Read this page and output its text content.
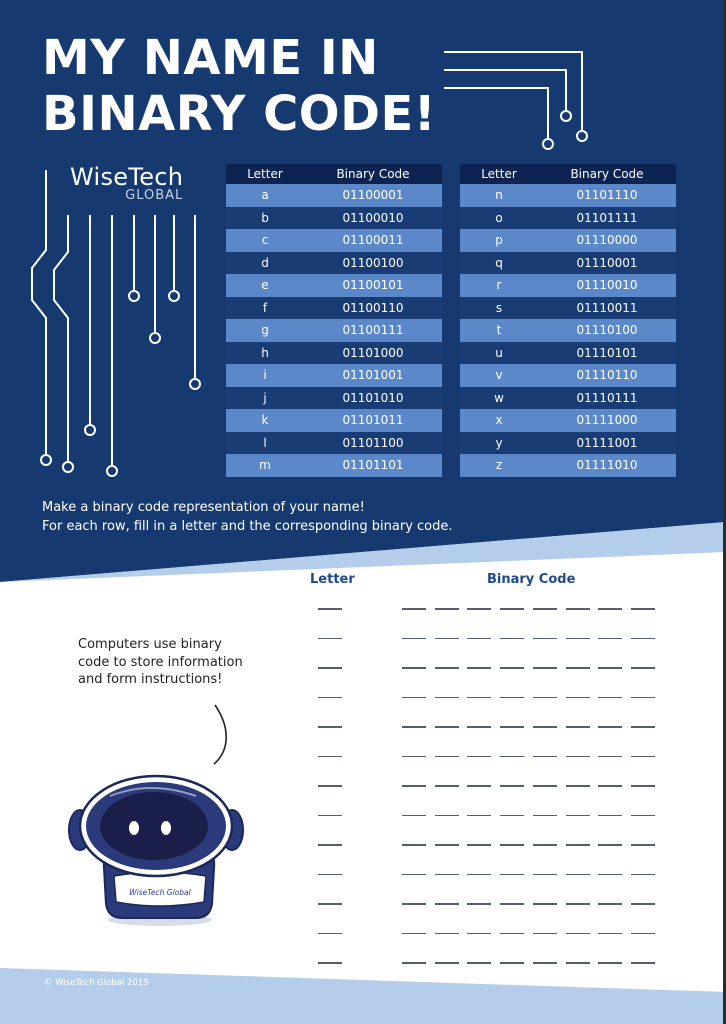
WiseTech Global
MY NAME IN
BINARY CODE!
WiseTech
GLOBAL
Letter	Binary Code
a	01100001
b	01100010
c	01100011
d	01100100
e	01100101
f	01100110
g	01100111
h	01101000
i	01101001
j	01101010
k	01101011
l	01101100
m	01101101
Letter	Binary Code
n	01101110
o	01101111
p	01110000
q	01110001
r	01110010
s	01110011
t	01110100
u	01110101
v	01110110
w	01110111
x	01111000
y	01111001
z	01111010

Make a binary code representation of your name!

For each row, fill in a letter and the corresponding binary code.

Letter	Binary Code

Computers use binary

code to store information

and form instructions!

© WiseTech Global 2019
